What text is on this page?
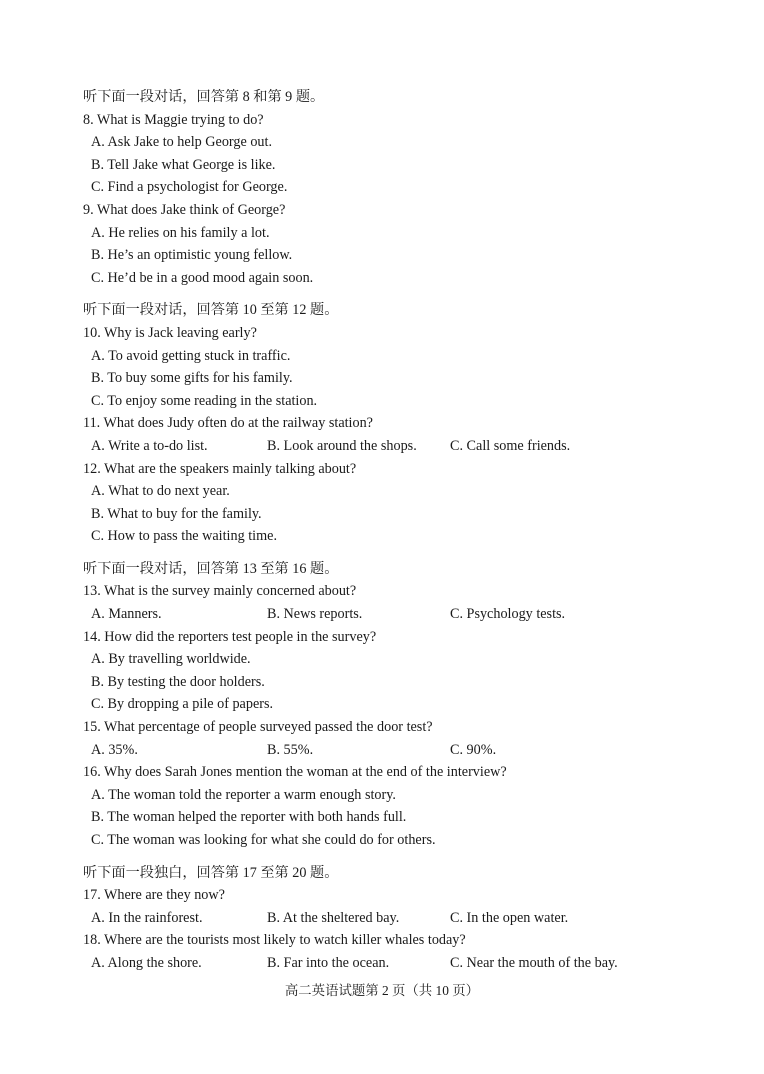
听下面一段对话，回答第 8 和第 9 题。
8. What is Maggie trying to do?
A. Ask Jake to help George out.
B. Tell Jake what George is like.
C. Find a psychologist for George.
9. What does Jake think of George?
A. He relies on his family a lot.
B. He’s an optimistic young fellow.
C. He’d be in a good mood again soon.
听下面一段对话，回答第 10 至第 12 题。
10. Why is Jack leaving early?
A. To avoid getting stuck in traffic.
B. To buy some gifts for his family.
C. To enjoy some reading in the station.
11. What does Judy often do at the railway station?
A. Write a to-do list.	B. Look around the shops.	C. Call some friends.
12. What are the speakers mainly talking about?
A. What to do next year.
B. What to buy for the family.
C. How to pass the waiting time.
听下面一段对话，回答第 13 至第 16 题。
13. What is the survey mainly concerned about?
A. Manners.	B. News reports.	C. Psychology tests.
14. How did the reporters test people in the survey?
A. By travelling worldwide.
B. By testing the door holders.
C. By dropping a pile of papers.
15. What percentage of people surveyed passed the door test?
A. 35%.	B. 55%.	C. 90%.
16. Why does Sarah Jones mention the woman at the end of the interview?
A. The woman told the reporter a warm enough story.
B. The woman helped the reporter with both hands full.
C. The woman was looking for what she could do for others.
听下面一段独白，回答第 17 至第 20 题。
17. Where are they now?
A. In the rainforest.	B. At the sheltered bay.	C. In the open water.
18. Where are the tourists most likely to watch killer whales today?
A. Along the shore.	B. Far into the ocean.	C. Near the mouth of the bay.
高二英语试题第 2 页（共 10 页）
